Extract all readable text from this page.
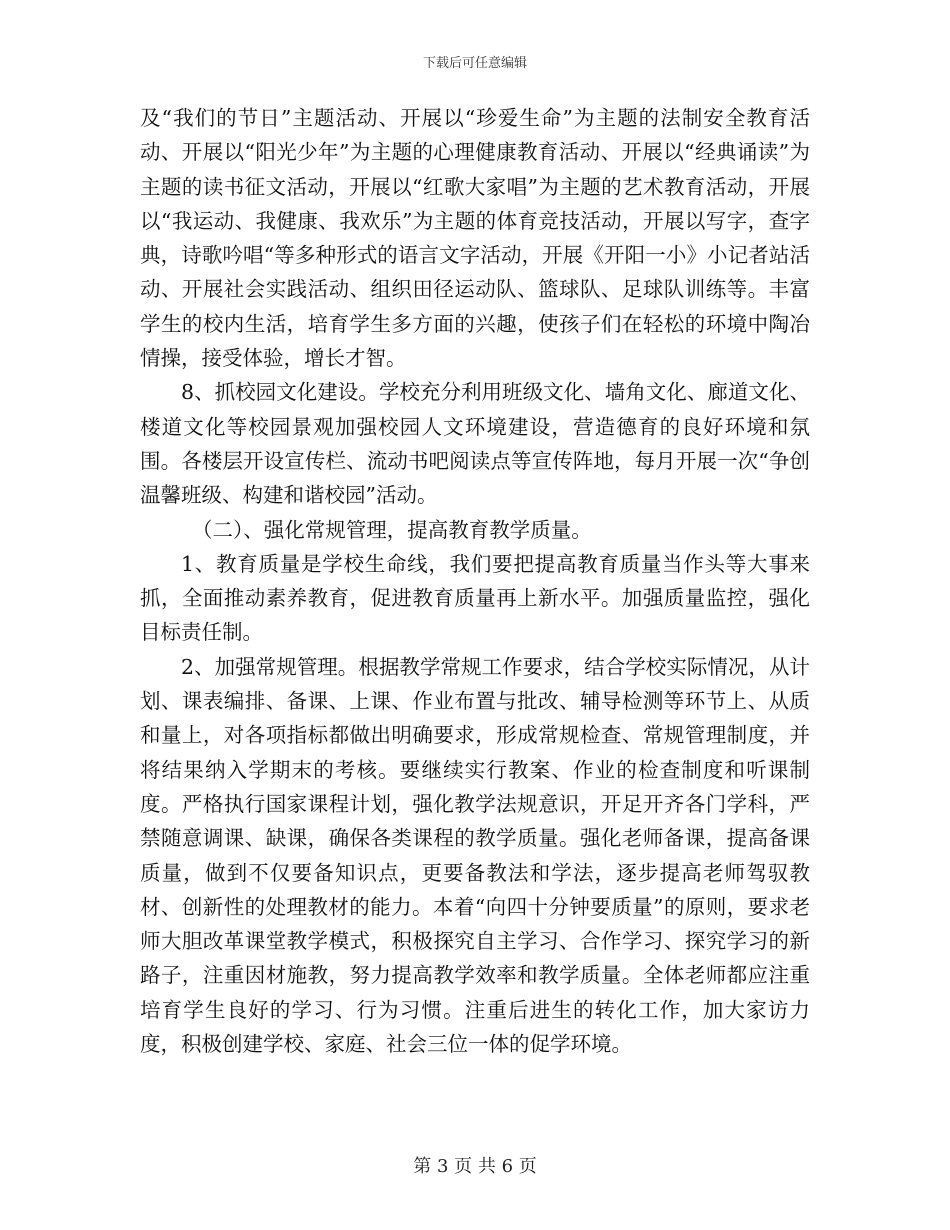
下载后可任意编辑

及“我们的节日”主题活动、开展以“珍爱生命”为主题的法制安全教育活动、开展以“阳光少年”为主题的心理健康教育活动、开展以“经典诵读”为主题的读书征文活动，开展以“红歌大家唱”为主题的艺术教育活动，开展以“我运动、我健康、我欢乐”为主题的体育竞技活动，开展以写字，查字典，诗歌吟唱“等多种形式的语言文字活动，开展《开阳一小》小记者站活动、开展社会实践活动、组织田径运动队、篮球队、足球队训练等。丰富学生的校内生活，培育学生多方面的兴趣，使孩子们在轻松的环境中陶冶情操，接受体验，增长才智。

8、抓校园文化建设。学校充分利用班级文化、墙角文化、廊道文化、楼道文化等校园景观加强校园人文环境建设，营造德育的良好环境和氛围。各楼层开设宣传栏、流动书吧阅读点等宣传阵地，每月开展一次“争创温馨班级、构建和谐校园”活动。

（二）、强化常规管理，提高教育教学质量。

1、教育质量是学校生命线，我们要把提高教育质量当作头等大事来抓，全面推动素养教育，促进教育质量再上新水平。加强质量监控，强化目标责任制。

2、加强常规管理。根据教学常规工作要求，结合学校实际情况，从计划、课表编排、备课、上课、作业布置与批改、辅导检测等环节上、从质和量上，对各项指标都做出明确要求，形成常规检查、常规管理制度，并将结果纳入学期末的考核。要继续实行教案、作业的检查制度和听课制度。严格执行国家课程计划，强化教学法规意识，开足开齐各门学科，严禁随意调课、缺课，确保各类课程的教学质量。强化老师备课，提高备课质量，做到不仅要备知识点，更要备教法和学法，逐步提高老师驾驭教材、创新性的处理教材的能力。本着“向四十分钟要质量”的原则，要求老师大胆改革课堂教学模式，积极探究自主学习、合作学习、探究学习的新路子，注重因材施教，努力提高教学效率和教学质量。全体老师都应注重培育学生良好的学习、行为习惯。注重后进生的转化工作，加大家访力度，积极创建学校、家庭、社会三位一体的促学环境。

第 3 页 共 6 页
